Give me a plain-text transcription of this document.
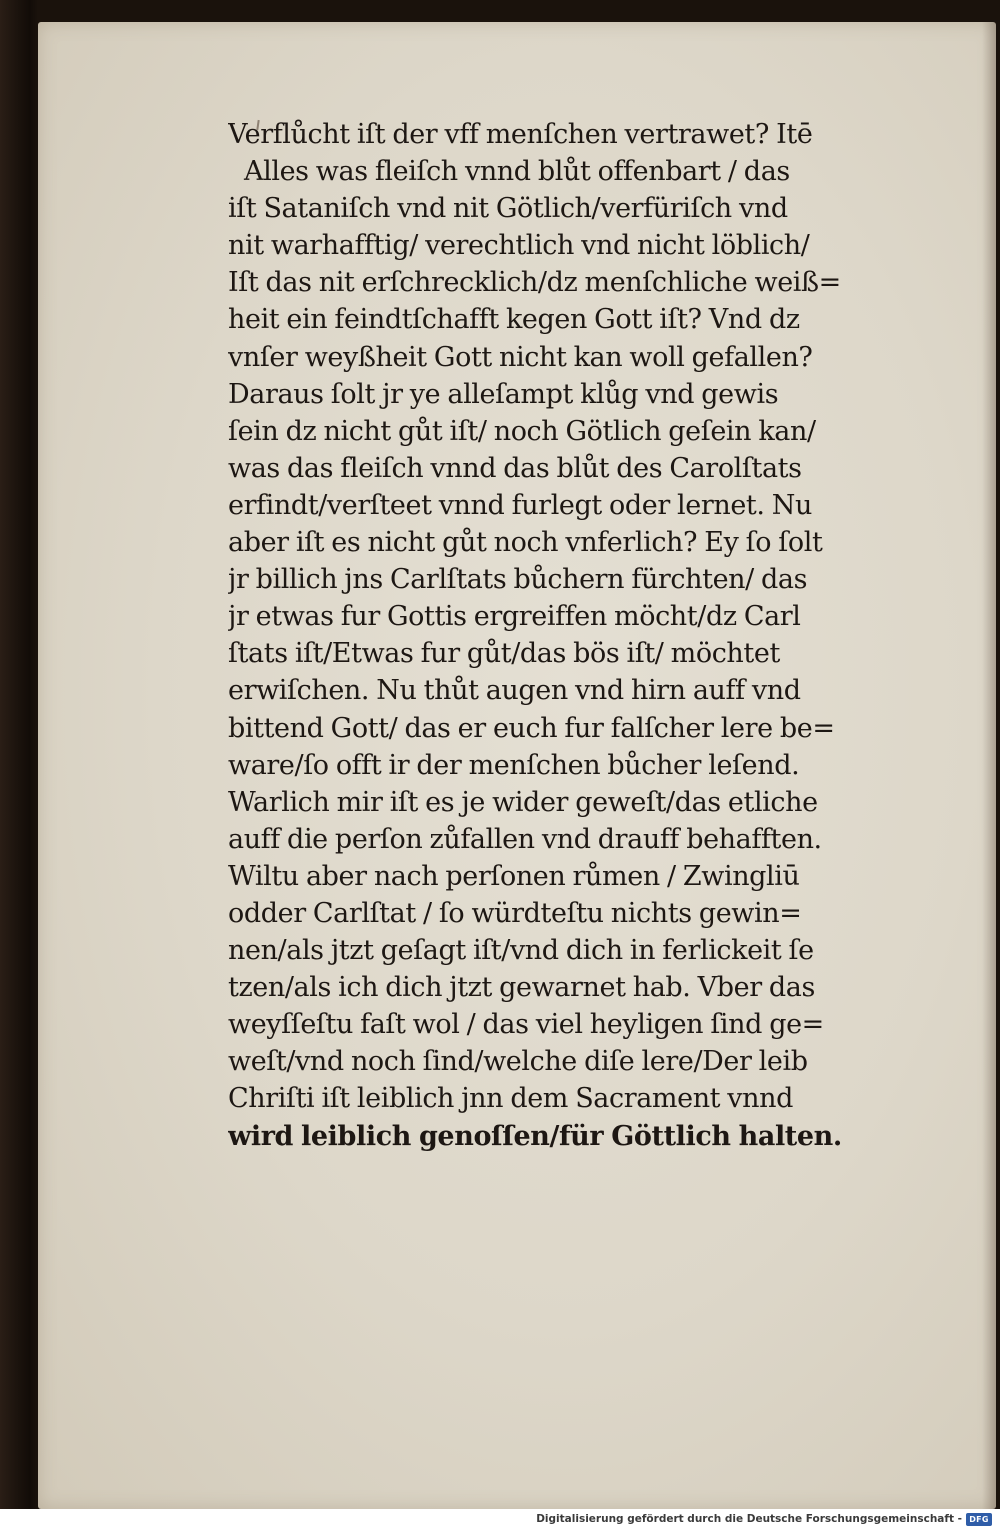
Verflůcht iſt der vff menſchen vertrawet? Itē
Alles was fleiſch vnnd blůt offenbart / das
iſt Sataniſch vnd nit Götlich/verfüriſch vnd
nit warhafftig/ verechtlich vnd nicht löblich/
Iſt das nit erſchrecklich/dz menſchliche weiß=
heit ein feindtſchafft kegen Gott iſt? Vnd dz
vnſer weyßheit Gott nicht kan woll gefallen?
Daraus ſolt jr ye alleſampt klůg vnd gewis
ſein dz nicht gůt iſt/ noch Götlich geſein kan/
was das fleiſch vnnd das blůt des Carolſtats
erfindt/verſteet vnnd furlegt oder lernet. Nu
aber iſt es nicht gůt noch vnferlich? Ey ſo ſolt
jr billich jns Carlſtats bůchern fürchten/ das
jr etwas fur Gottis ergreiffen möcht/dz Carl
ſtats iſt/Etwas fur gůt/das bös iſt/ möchtet
erwiſchen. Nu thůt augen vnd hirn auff vnd
bittend Gott/ das er euch fur falſcher lere be=
ware/ſo offt ir der menſchen bůcher leſend.
Warlich mir iſt es je wider geweſt/das etliche
auff die perſon zůfallen vnd drauff behafften.
Wiltu aber nach perſonen růmen / Zwingliū
odder Carlſtat / ſo würdteſtu nichts gewin=
nen/als jtzt geſagt iſt/vnd dich in ferlickeit ſe
tzen/als ich dich jtzt gewarnet hab. Vber das
weyſſeſtu faſt wol / das viel heyligen ſind ge=
weſt/vnd noch ſind/welche diſe lere/Der leib
Chriſti iſt leiblich jnn dem Sacrament vnnd
wird leiblich genoſſen/für Göttlich halten.
Digitalisierung gefördert durch die Deutsche Forschungsgemeinschaft - DFG
